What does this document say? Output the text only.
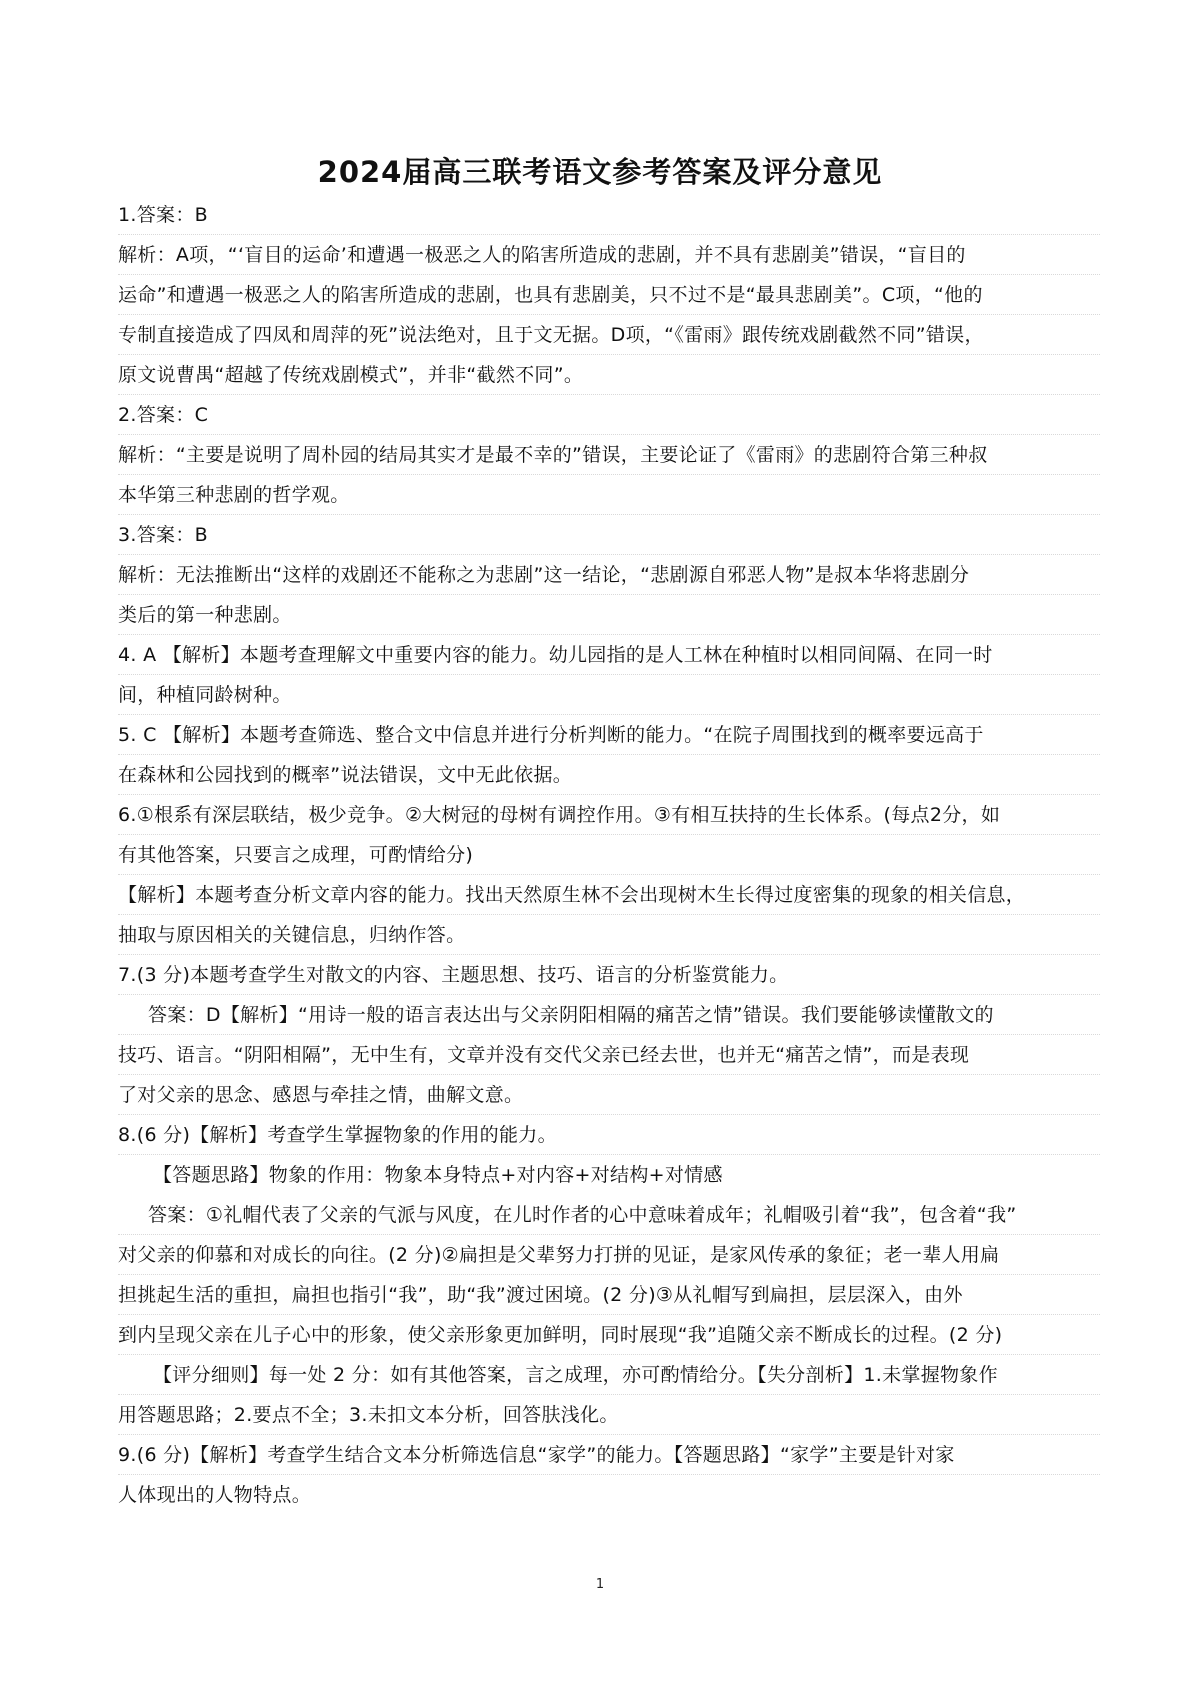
2024届高三联考语文参考答案及评分意见
1.答案：B
解析：A项，“‘盲目的运命’和遭遇一极恶之人的陷害所造成的悲剧，并不具有悲剧美”错误，“盲目的
运命”和遭遇一极恶之人的陷害所造成的悲剧，也具有悲剧美，只不过不是“最具悲剧美”。C项，“他的
专制直接造成了四凤和周萍的死”说法绝对，且于文无据。D项，“《雷雨》跟传统戏剧截然不同”错误，
原文说曹禺“超越了传统戏剧模式”，并非“截然不同”。
2.答案：C
解析：“主要是说明了周朴园的结局其实才是最不幸的”错误，主要论证了《雷雨》的悲剧符合第三种叔
本华第三种悲剧的哲学观。
3.答案：B
解析：无法推断出“这样的戏剧还不能称之为悲剧”这一结论，“悲剧源自邪恶人物”是叔本华将悲剧分
类后的第一种悲剧。
4. A 【解析】本题考查理解文中重要内容的能力。幼儿园指的是人工林在种植时以相同间隔、在同一时
间，种植同龄树种。
5. C 【解析】本题考查筛选、整合文中信息并进行分析判断的能力。“在院子周围找到的概率要远高于
在森林和公园找到的概率”说法错误，文中无此依据。
6.①根系有深层联结，极少竞争。②大树冠的母树有调控作用。③有相互扶持的生长体系。(每点2分，如
有其他答案，只要言之成理，可酌情给分)
【解析】本题考查分析文章内容的能力。找出天然原生林不会出现树木生长得过度密集的现象的相关信息，
抽取与原因相关的关键信息，归纳作答。
7.(3 分)本题考查学生对散文的内容、主题思想、技巧、语言的分析鉴赏能力。
答案：D【解析】“用诗一般的语言表达出与父亲阴阳相隔的痛苦之情”错误。我们要能够读懂散文的
技巧、语言。“阴阳相隔”，无中生有，文章并没有交代父亲已经去世，也并无“痛苦之情”，而是表现
了对父亲的思念、感恩与牵挂之情，曲解文意。
8.(6 分)【解析】考查学生掌握物象的作用的能力。
【答题思路】物象的作用：物象本身特点+对内容+对结构+对情感
答案：①礼帽代表了父亲的气派与风度，在儿时作者的心中意味着成年；礼帽吸引着“我”，包含着“我”
对父亲的仰慕和对成长的向往。(2 分)②扁担是父辈努力打拼的见证，是家风传承的象征；老一辈人用扁
担挑起生活的重担，扁担也指引“我”，助“我”渡过困境。(2 分)③从礼帽写到扁担，层层深入，由外
到内呈现父亲在儿子心中的形象，使父亲形象更加鲜明，同时展现“我”追随父亲不断成长的过程。(2 分)
【评分细则】每一处 2 分：如有其他答案，言之成理，亦可酌情给分。【失分剖析】1.未掌握物象作
用答题思路；2.要点不全；3.未扣文本分析，回答肤浅化。
9.(6 分)【解析】考查学生结合文本分析筛选信息“家学”的能力。【答题思路】“家学”主要是针对家
人体现出的人物特点。
1
